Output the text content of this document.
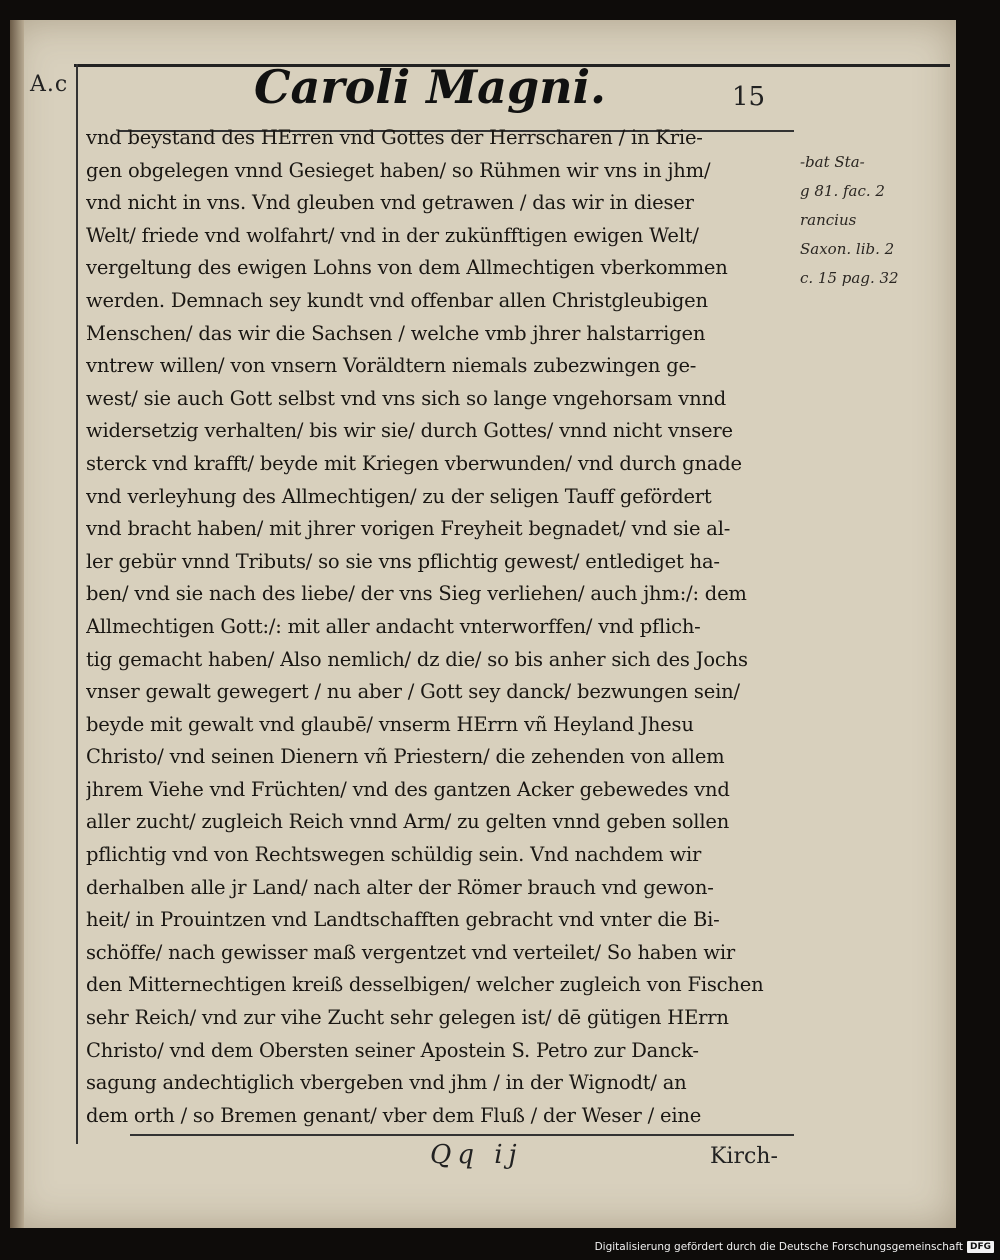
A.c	Caroli Magni.	15
vnd beystand des HErren vnd Gottes der Herrscharen / in Krie-
gen obgelegen vnnd Gesieget haben/ so Rühmen wir vns in jhm/
vnd nicht in vns. Vnd gleuben vnd getrawen / das wir in dieser
Welt/ friede vnd wolfahrt/ vnd in der zukünfftigen ewigen Welt/
vergeltung des ewigen Lohns von dem Allmechtigen vberkommen
werden. Demnach sey kundt vnd offenbar allen Christgleubigen
Menschen/ das wir die Sachsen / welche vmb jhrer halstarrigen
vntrew willen/ von vnsern Voräldtern niemals zubezwingen ge-
west/ sie auch Gott selbst vnd vns sich so lange vngehorsam vnnd
widersetzig verhalten/ bis wir sie/ durch Gottes/ vnnd nicht vnsere
sterck vnd krafft/ beyde mit Kriegen vberwunden/ vnd durch gnade
vnd verleyhung des Allmechtigen/ zu der seligen Tauff gefördert
vnd bracht haben/ mit jhrer vorigen Freyheit begnadet/ vnd sie al-
ler gebür vnnd Tributs/ so sie vns pflichtig gewest/ entlediget ha-
ben/ vnd sie nach des liebe/ der vns Sieg verliehen/ auch jhm:/: dem
Allmechtigen Gott:/: mit aller andacht vnterworffen/ vnd pflich-
tig gemacht haben/ Also nemlich/ dz die/ so bis anher sich des Jochs
vnser gewalt gewegert / nu aber / Gott sey danck/ bezwungen sein/
beyde mit gewalt vnd glaubē/ vnserm HErrn vñ Heyland Jhesu
Christo/ vnd seinen Dienern vñ Priestern/ die zehenden von allem
jhrem Viehe vnd Früchten/ vnd des gantzen Acker gebewedes vnd
aller zucht/ zugleich Reich vnnd Arm/ zu gelten vnnd geben sollen
pflichtig vnd von Rechtswegen schüldig sein. Vnd nachdem wir
derhalben alle jr Land/ nach alter der Römer brauch vnd gewon-
heit/ in Prouintzen vnd Landtschafften gebracht vnd vnter die Bi-
schöffe/ nach gewisser maß vergentzet vnd verteilet/ So haben wir
den Mitternechtigen kreiß desselbigen/ welcher zugleich von Fischen
sehr Reich/ vnd zur vihe Zucht sehr gelegen ist/ dē gütigen HErrn
Christo/ vnd dem Obersten seiner Apostein S. Petro zur Danck-
sagung andechtiglich vbergeben vnd jhm / in der Wignodt/ an
dem orth / so Bremen genant/ vber dem Fluß / der Weser / eine
-bat Sta-
g 81. fac. 2
rancius
Saxon. lib. 2
c. 15 pag. 32
Qq ij	Kirch-
Digitalisierung gefördert durch die Deutsche Forschungsgemeinschaft DFG
